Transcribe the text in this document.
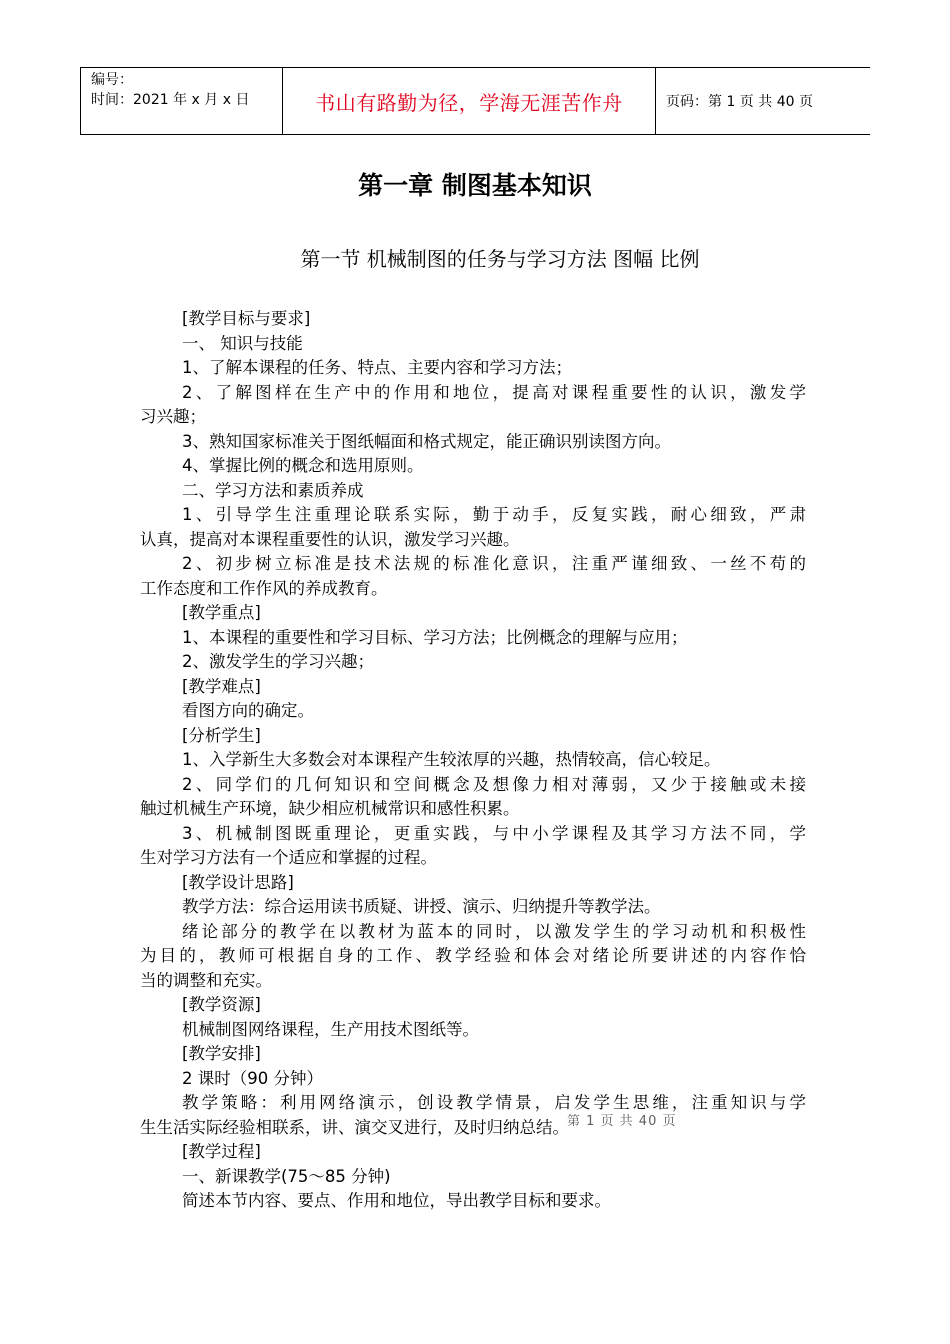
编号：
时间：2021 年 x 月 x 日	书山有路勤为径，学海无涯苦作舟	页码：第 1 页 共 40 页
第一章 制图基本知识
第一节 机械制图的任务与学习方法 图幅 比例
[教学目标与要求]
一、 知识与技能
1、了解本课程的任务、特点、主要内容和学习方法；
2、了解图样在生产中的作用和地位，提高对课程重要性的认识，激发学
习兴趣；
3、熟知国家标准关于图纸幅面和格式规定，能正确识别读图方向。
4、掌握比例的概念和选用原则。
二、学习方法和素质养成
1、引导学生注重理论联系实际，勤于动手，反复实践，耐心细致，严肃
认真，提高对本课程重要性的认识，激发学习兴趣。
2、初步树立标准是技术法规的标准化意识，注重严谨细致、一丝不苟的
工作态度和工作作风的养成教育。
[教学重点]
1、本课程的重要性和学习目标、学习方法；比例概念的理解与应用；
2、激发学生的学习兴趣；
[教学难点]
看图方向的确定。
[分析学生]
1、入学新生大多数会对本课程产生较浓厚的兴趣，热情较高，信心较足。
2、同学们的几何知识和空间概念及想像力相对薄弱，又少于接触或未接
触过机械生产环境，缺少相应机械常识和感性积累。
3、机械制图既重理论，更重实践，与中小学课程及其学习方法不同，学
生对学习方法有一个适应和掌握的过程。
[教学设计思路]
教学方法：综合运用读书质疑、讲授、演示、归纳提升等教学法。
绪论部分的教学在以教材为蓝本的同时，以激发学生的学习动机和积极性
为目的，教师可根据自身的工作、教学经验和体会对绪论所要讲述的内容作恰
当的调整和充实。
[教学资源]
机械制图网络课程，生产用技术图纸等。
[教学安排]
2 课时（90 分钟）
教学策略：利用网络演示，创设教学情景，启发学生思维，注重知识与学
生生活实际经验相联系，讲、演交叉进行，及时归纳总结。
[教学过程]
一、新课教学(75～85 分钟)
简述本节内容、要点、作用和地位，导出教学目标和要求。
第 1 页 共 40 页
